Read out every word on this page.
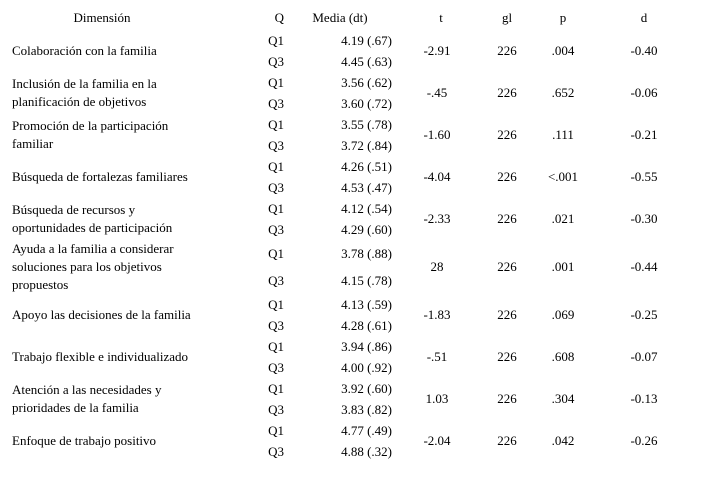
Dimensión	Q	Media (dt)	t	gl	p	d

Colaboración con la familia	Q1	4.19 (.67)	-2.91	226	.004	-0.40
	Q3	4.45 (.63)				

Inclusión de la familia en la
planificación de objetivos	Q1	3.56 (.62)	-.45	226	.652	-0.06
	Q3	3.60 (.72)				

Promoción de la participación
familiar	Q1	3.55 (.78)	-1.60	226	.111	-0.21
	Q3	3.72 (.84)				

Búsqueda de fortalezas familiares	Q1	4.26 (.51)	-4.04	226	<.001	-0.55
	Q3	4.53 (.47)				

Búsqueda de recursos y
oportunidades de participación	Q1	4.12 (.54)	-2.33	226	.021	-0.30
	Q3	4.29 (.60)				

Ayuda a la familia a considerar
soluciones para los objetivos
propuestos	Q1	3.78 (.88)	28	226	.001	-0.44
	Q3	4.15 (.78)				

Apoyo las decisiones de la familia	Q1	4.13 (.59)	-1.83	226	.069	-0.25
	Q3	4.28 (.61)				

Trabajo flexible e individualizado	Q1	3.94 (.86)	-.51	226	.608	-0.07
	Q3	4.00 (.92)				

Atención a las necesidades y
prioridades de la familia	Q1	3.92 (.60)	1.03	226	.304	-0.13
	Q3	3.83 (.82)				

Enfoque de trabajo positivo	Q1	4.77 (.49)	-2.04	226	.042	-0.26
	Q3	4.88 (.32)				
